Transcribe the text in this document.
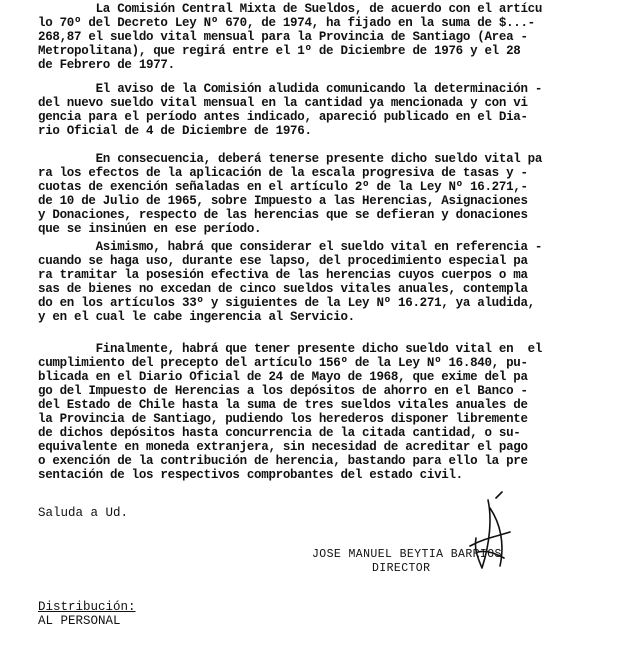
La Comisión Central Mixta de Sueldos, de acuerdo con el artícu
lo 70º del Decreto Ley Nº 670, de 1974, ha fijado en la suma de $...-
268,87 el sueldo vital mensual para la Provincia de Santiago (Area -
Metropolitana), que regirá entre el 1º de Diciembre de 1976 y el 28
de Febrero de 1977.
El aviso de la Comisión aludida comunicando la determinación -
del nuevo sueldo vital mensual en la cantidad ya mencionada y con vi
gencia para el período antes indicado, apareció publicado en el Dia-
rio Oficial de 4 de Diciembre de 1976.
En consecuencia, deberá tenerse presente dicho sueldo vital pa
ra los efectos de la aplicación de la escala progresiva de tasas y -
cuotas de exención señaladas en el artículo 2º de la Ley Nº 16.271,-
de 10 de Julio de 1965, sobre Impuesto a las Herencias, Asignaciones
y Donaciones, respecto de las herencias que se defieran y donaciones
que se insinúen en ese período.
Asimismo, habrá que considerar el sueldo vital en referencia -
cuando se haga uso, durante ese lapso, del procedimiento especial pa
ra tramitar la posesión efectiva de las herencias cuyos cuerpos o ma
sas de bienes no excedan de cinco sueldos vitales anuales, contempla
do en los artículos 33º y siguientes de la Ley Nº 16.271, ya aludida,
y en el cual le cabe ingerencia al Servicio.
Finalmente, habrá que tener presente dicho sueldo vital en  el
cumplimiento del precepto del artículo 156º de la Ley Nº 16.840, pu-
blicada en el Diario Oficial de 24 de Mayo de 1968, que exime del pa
go del Impuesto de Herencias a los depósitos de ahorro en el Banco -
del Estado de Chile hasta la suma de tres sueldos vitales anuales de
la Provincia de Santiago, pudiendo los herederos disponer libremente
de dichos depósitos hasta concurrencia de la citada cantidad, o su-
equivalente en moneda extranjera, sin necesidad de acreditar el pago
o exención de la contribución de herencia, bastando para ello la pre
sentación de los respectivos comprobantes del estado civil.
Saluda a Ud.
JOSE MANUEL BEYTIA BARRIOS
DIRECTOR
Distribución:
AL PERSONAL
